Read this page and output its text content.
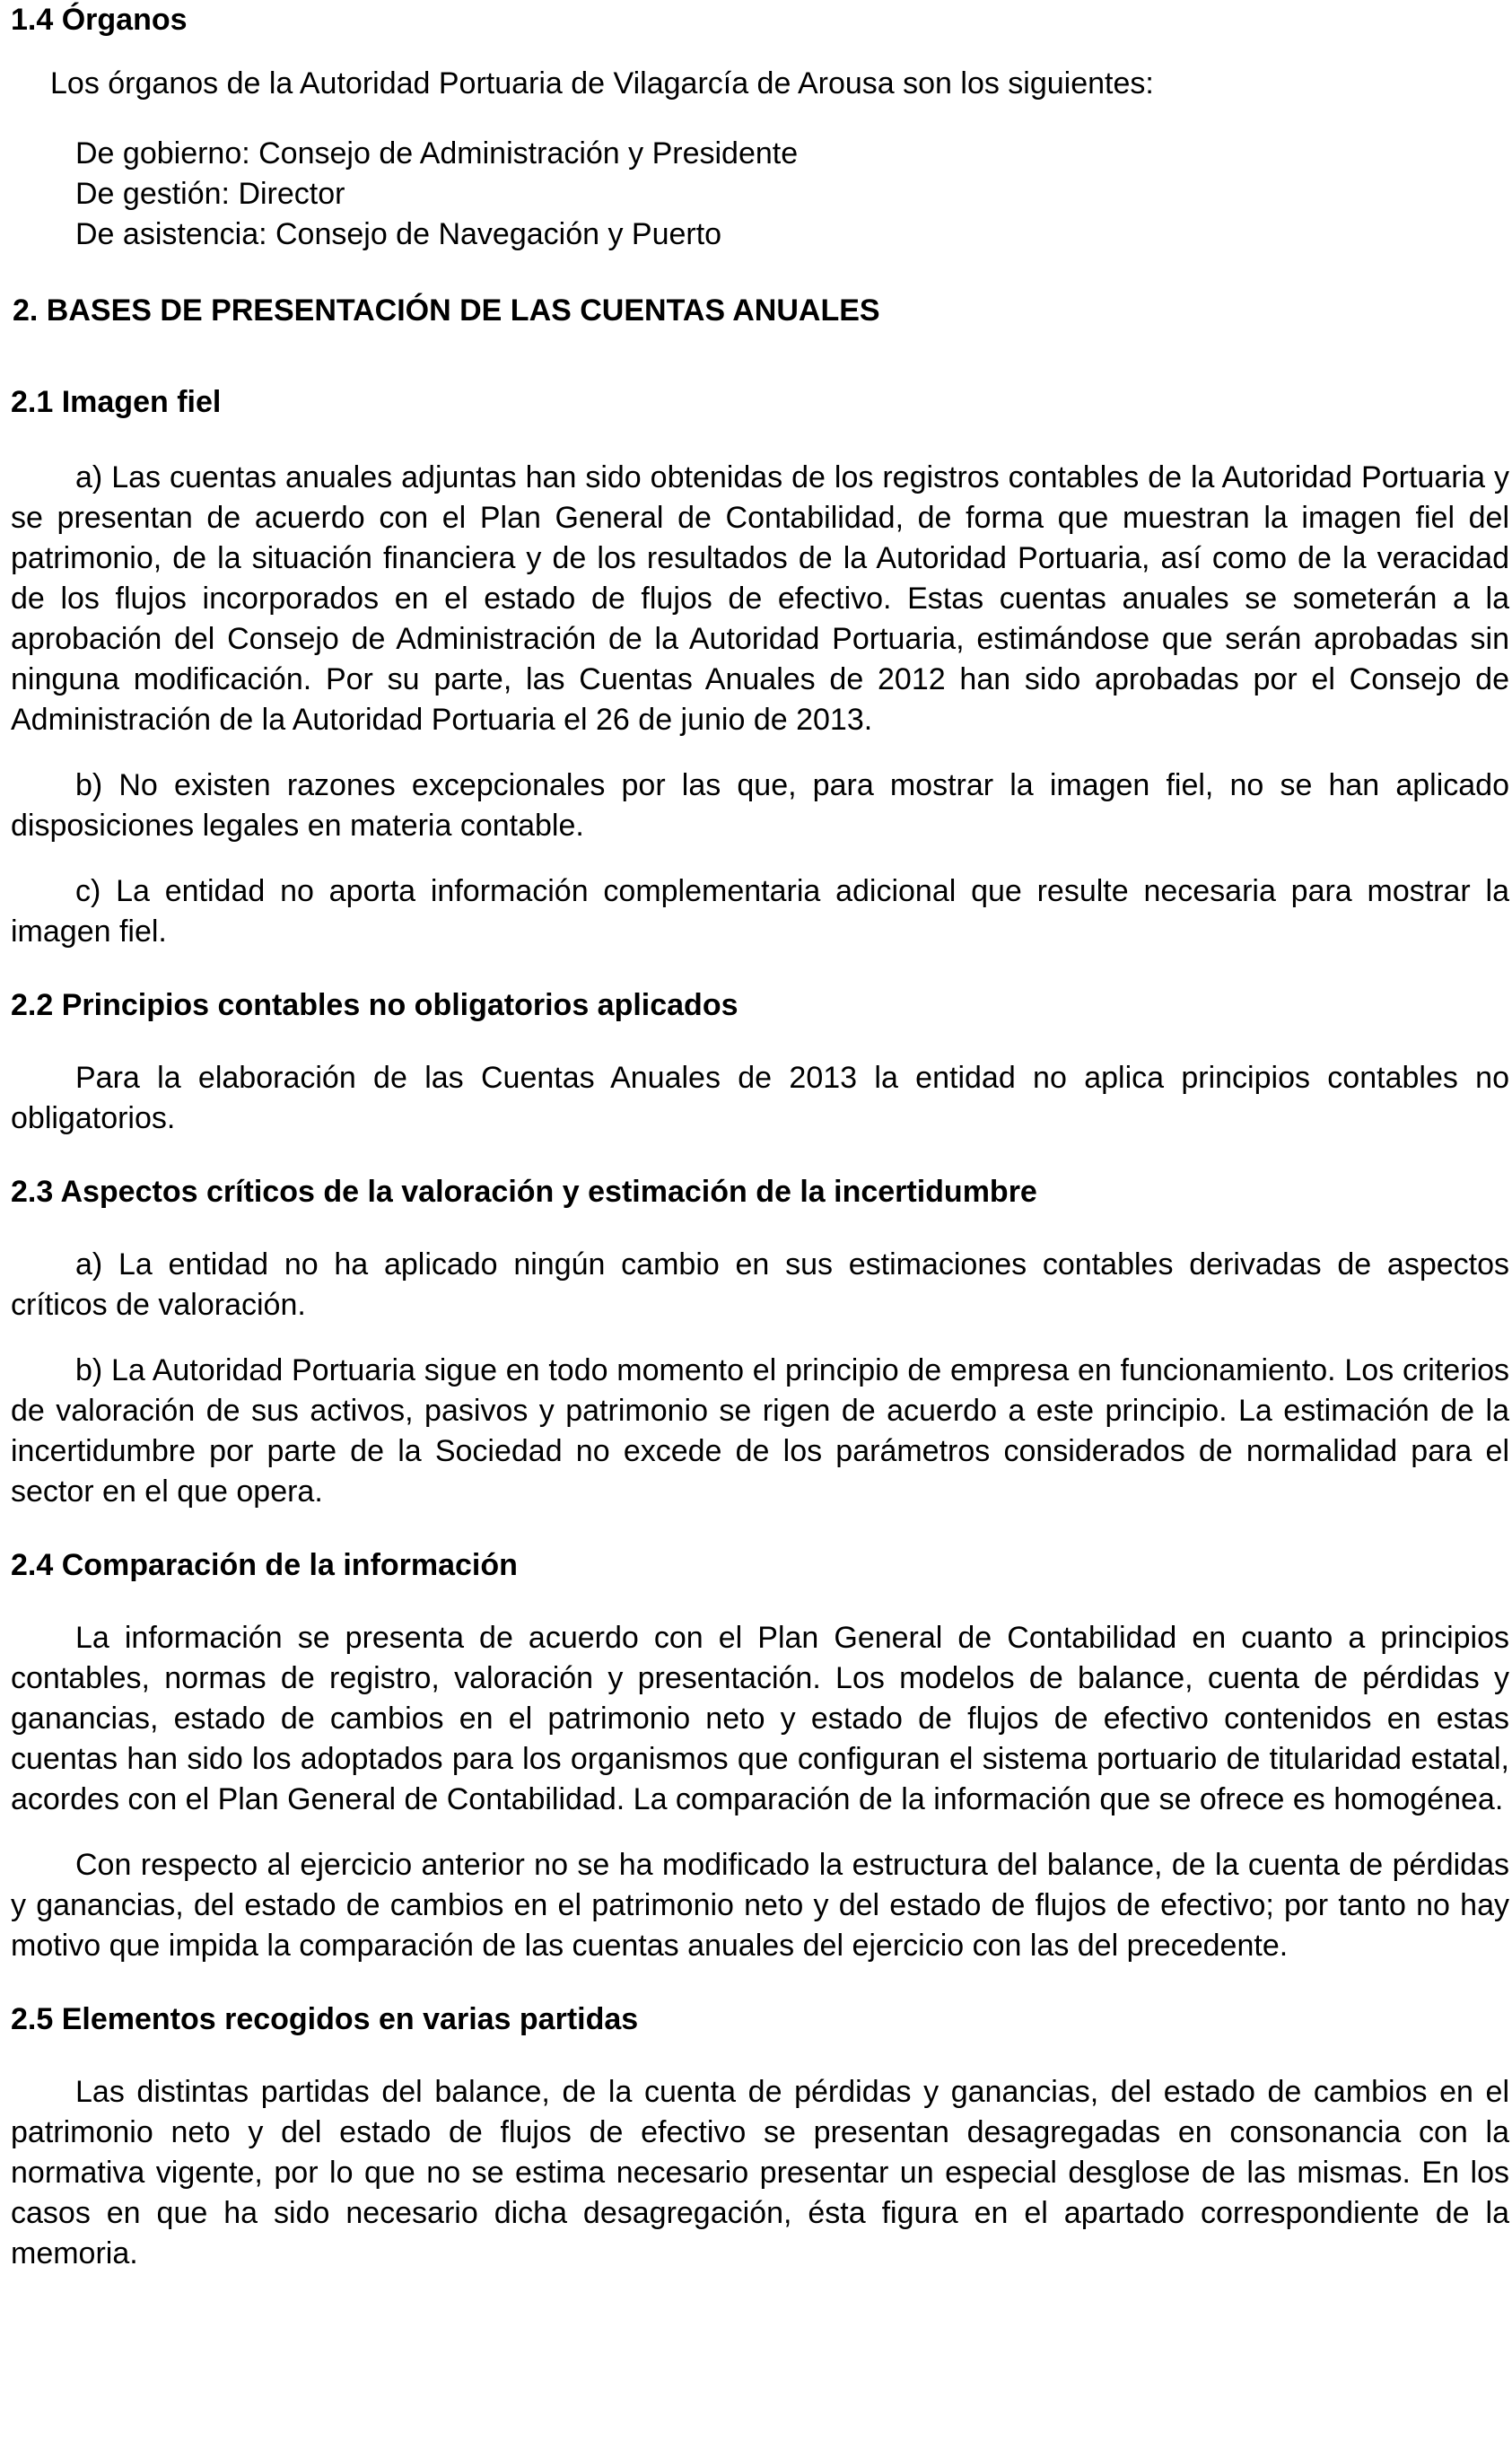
1.4 Órganos

Los órganos de la Autoridad Portuaria de Vilagarcía de Arousa son los siguientes:

De gobierno: Consejo de Administración y Presidente
De gestión: Director
De asistencia: Consejo de Navegación y Puerto
2. BASES DE PRESENTACIÓN DE LAS CUENTAS ANUALES
2.1 Imagen fiel

a) Las cuentas anuales adjuntas han sido obtenidas de los registros contables de la Autoridad Portuaria y se presentan de acuerdo con el Plan General de Contabilidad, de forma que muestran la imagen fiel del patrimonio, de la situación financiera y de los resultados de la Autoridad Portuaria, así como de la veracidad de los flujos incorporados en el estado de flujos de efectivo. Estas cuentas anuales se someterán a la aprobación del Consejo de Administración de la Autoridad Portuaria, estimándose que serán aprobadas sin ninguna modificación. Por su parte, las Cuentas Anuales de 2012 han sido aprobadas por el Consejo de Administración de la Autoridad Portuaria el 26 de junio de 2013.

b) No existen razones excepcionales por las que, para mostrar la imagen fiel, no se han aplicado disposiciones legales en materia contable.

c) La entidad no aporta información complementaria adicional que resulte necesaria para mostrar la imagen fiel.

2.2 Principios contables no obligatorios aplicados

Para la elaboración de las Cuentas Anuales de 2013 la entidad no aplica principios contables no obligatorios.

2.3 Aspectos críticos de la valoración y estimación de la incertidumbre

a) La entidad no ha aplicado ningún cambio en sus estimaciones contables derivadas de aspectos críticos de valoración.

b) La Autoridad Portuaria sigue en todo momento el principio de empresa en funcionamiento. Los criterios de valoración de sus activos, pasivos y patrimonio se rigen de acuerdo a este principio. La estimación de la incertidumbre por parte de la Sociedad no excede de los parámetros considerados de normalidad para el sector en el que opera.

2.4 Comparación de la información

La información se presenta de acuerdo con el Plan General de Contabilidad en cuanto a principios contables, normas de registro, valoración y presentación. Los modelos de balance, cuenta de pérdidas y ganancias, estado de cambios en el patrimonio neto y estado de flujos de efectivo contenidos en estas cuentas han sido los adoptados para los organismos que configuran el sistema portuario de titularidad estatal, acordes con el Plan General de Contabilidad. La comparación de la información que se ofrece es homogénea.

Con respecto al ejercicio anterior no se ha modificado la estructura del balance, de la cuenta de pérdidas y ganancias, del estado de cambios en el patrimonio neto y del estado de flujos de efectivo; por tanto no hay motivo que impida la comparación de las cuentas anuales del ejercicio con las del precedente.

2.5 Elementos recogidos en varias partidas

Las distintas partidas del balance, de la cuenta de pérdidas y ganancias, del estado de cambios en el patrimonio neto y del estado de flujos de efectivo se presentan desagregadas en consonancia con la normativa vigente, por lo que no se estima necesario presentar un especial desglose de las mismas. En los casos en que ha sido necesario dicha desagregación, ésta figura en el apartado correspondiente de la memoria.
